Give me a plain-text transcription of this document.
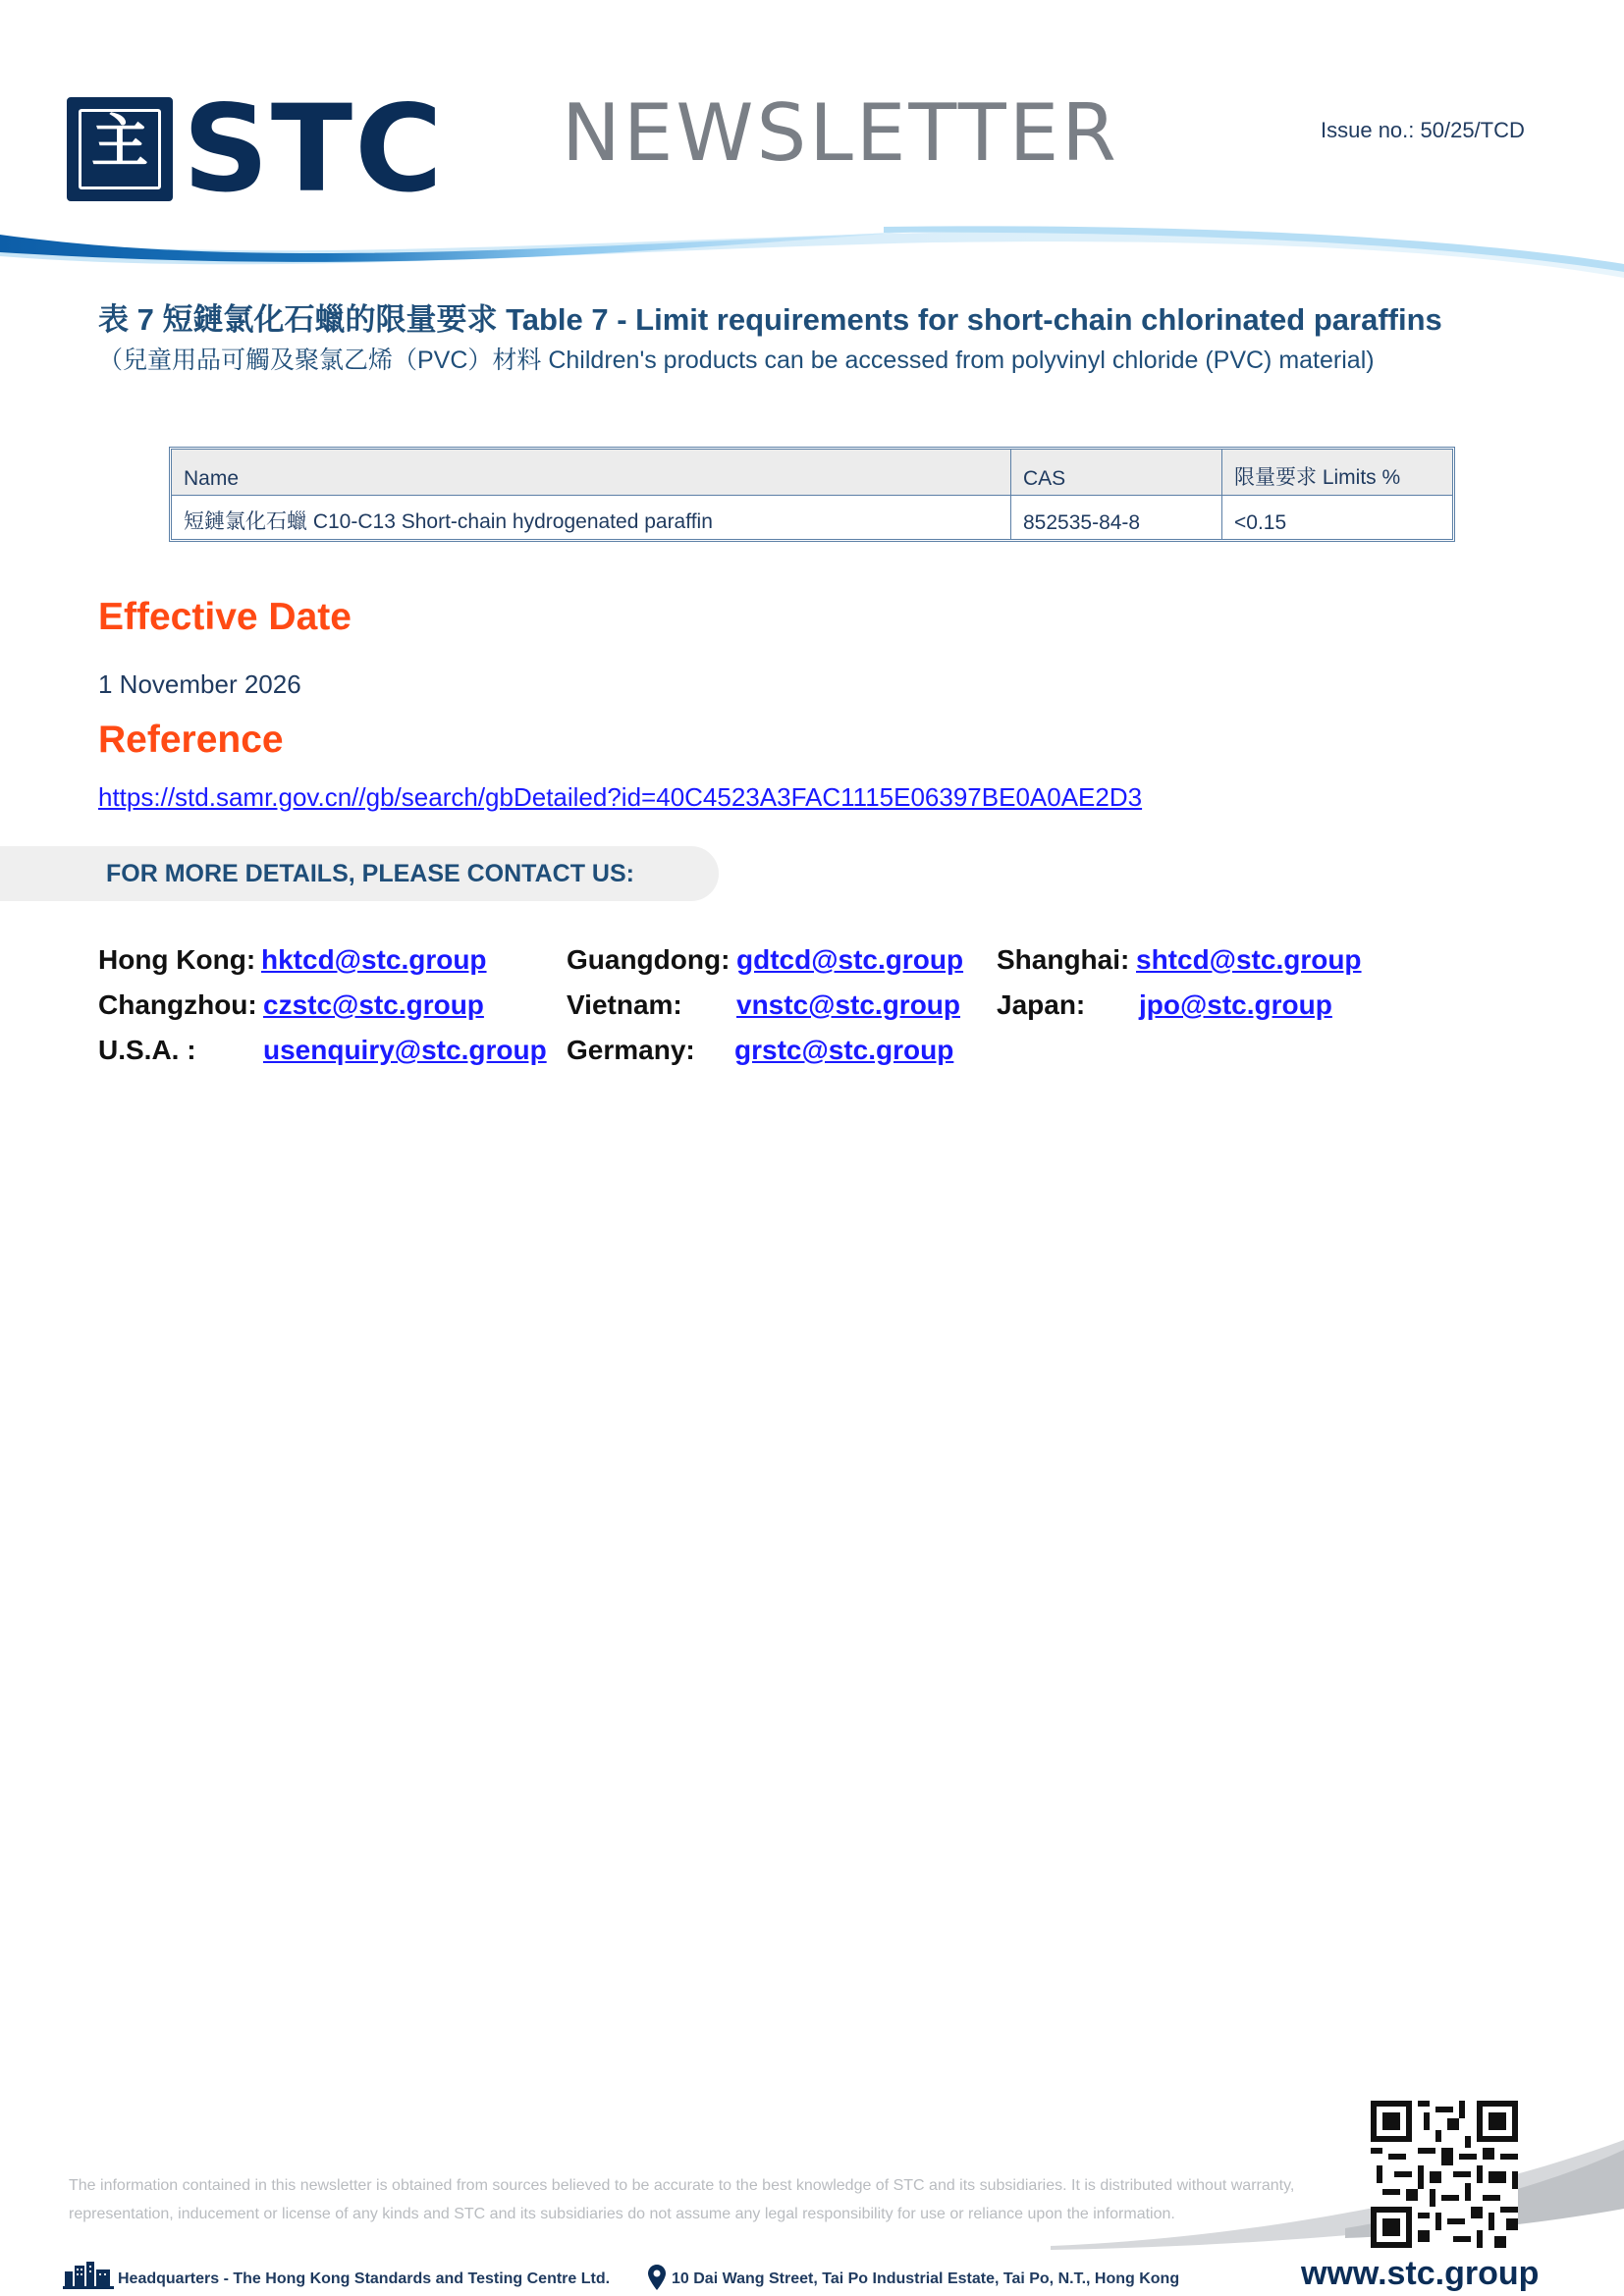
主 STC NEWSLETTER	Issue no.: 50/25/TCD
表 7 短鏈氯化石蠟的限量要求 Table 7 - Limit requirements for short-chain chlorinated paraffins
（兒童用品可觸及聚氯乙烯（PVC）材料 Children's products can be accessed from polyvinyl chloride (PVC) material)
Name	CAS	限量要求 Limits %
短鏈氯化石蠟 C10-C13 Short-chain hydrogenated paraffin	852535-84-8	<0.15
Effective Date
1 November 2026
Reference
https://std.samr.gov.cn//gb/search/gbDetailed?id=40C4523A3FAC1115E06397BE0A0AE2D3
FOR MORE DETAILS, PLEASE CONTACT US:
Hong Kong: hktcd@stc.group	Guangdong: gdtcd@stc.group Shanghai: shtcd@stc.group
Changzhou: czstc@stc.group	Vietnam: vnstc@stc.group Japan: jpo@stc.group
U.S.A. : usenquiry@stc.group Germany: grstc@stc.group
The information contained in this newsletter is obtained from sources believed to be accurate to the best knowledge of STC and its subsidiaries. It is distributed without warranty, representation, inducement or license of any kinds and STC and its subsidiaries do not assume any legal responsibility for use or reliance upon the information.
Headquarters - The Hong Kong Standards and Testing Centre Ltd.	10 Dai Wang Street, Tai Po Industrial Estate, Tai Po, N.T., Hong Kong	www.stc.group
